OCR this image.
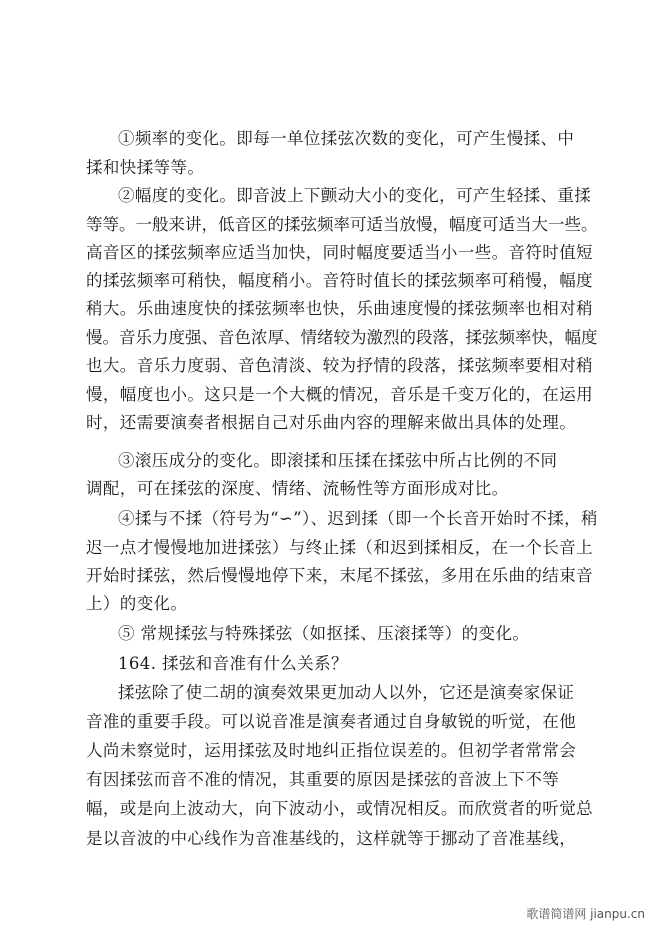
①频率的变化。即每一单位揉弦次数的变化，可产生慢揉、中
揉和快揉等等。
②幅度的变化。即音波上下颤动大小的变化，可产生轻揉、重揉
等等。一般来讲，低音区的揉弦频率可适当放慢，幅度可适当大一些。
高音区的揉弦频率应适当加快，同时幅度要适当小一些。音符时值短
的揉弦频率可稍快，幅度稍小。音符时值长的揉弦频率可稍慢，幅度
稍大。乐曲速度快的揉弦频率也快，乐曲速度慢的揉弦频率也相对稍
慢。音乐力度强、音色浓厚、情绪较为激烈的段落，揉弦频率快，幅度
也大。音乐力度弱、音色清淡、较为抒情的段落，揉弦频率要相对稍
慢，幅度也小。这只是一个大概的情况，音乐是千变万化的，在运用
时，还需要演奏者根据自己对乐曲内容的理解来做出具体的处理。
③滚压成分的变化。即滚揉和压揉在揉弦中所占比例的不同
调配，可在揉弦的深度、情绪、流畅性等方面形成对比。
④揉与不揉（符号为“∽”）、迟到揉（即一个长音开始时不揉，稍
迟一点才慢慢地加进揉弦）与终止揉（和迟到揉相反，在一个长音上
开始时揉弦，然后慢慢地停下来，末尾不揉弦，多用在乐曲的结束音
上）的变化。
⑤ 常规揉弦与特殊揉弦（如抠揉、压滚揉等）的变化。
164. 揉弦和音准有什么关系？
揉弦除了使二胡的演奏效果更加动人以外，它还是演奏家保证
音准的重要手段。可以说音准是演奏者通过自身敏锐的听觉，在他
人尚未察觉时，运用揉弦及时地纠正指位误差的。但初学者常常会
有因揉弦而音不准的情况，其重要的原因是揉弦的音波上下不等
幅，或是向上波动大，向下波动小，或情况相反。而欣赏者的听觉总
是以音波的中心线作为音准基线的，这样就等于挪动了音准基线，
歌谱简谱网 jianpu.cn
